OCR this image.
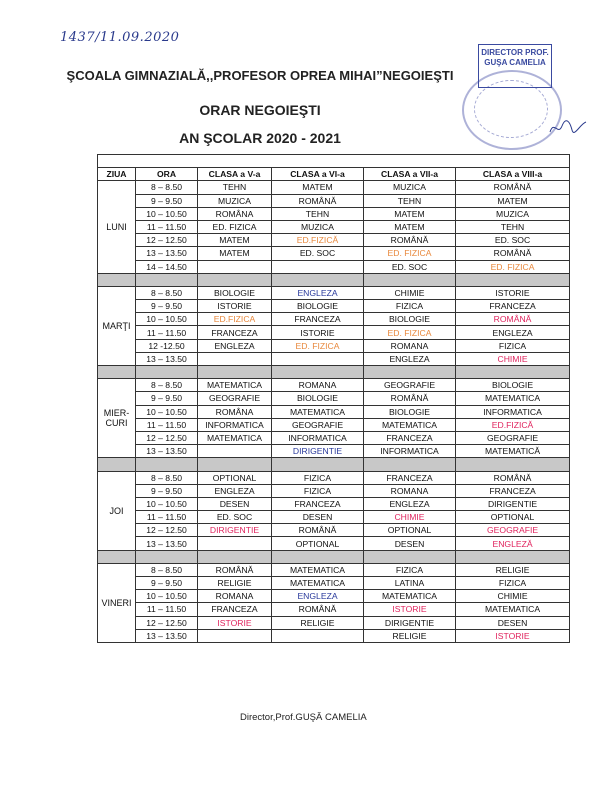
1437/11.09.2020
ŞCOALA GIMNAZIALĂ,,PROFESOR OPREA MIHAI”NEGOIEŞTI
ORAR NEGOIEŞTI
AN ŞCOLAR 2020 - 2021
DIRECTOR PROF.
GUŞA CAMELIA

ZIUA	ORA	CLASA a V-a	CLASA a VI-a	CLASA a VII-a	CLASA a VIII-a
LUNI	8 – 8.50	TEHN	MATEM	MUZICA	ROMÂNĂ
	9 – 9.50	MUZICA	ROMÂNĂ	TEHN	MATEM
	10 – 10.50	ROMÂNA	TEHN	MATEM	MUZICA
	11 – 11.50	ED. FIZICA	MUZICA	MATEM	TEHN
	12 – 12.50	MATEM	ED.FIZICĂ	ROMÂNĂ	ED. SOC
	13 – 13.50	MATEM	ED. SOC	ED. FIZICA	ROMÂNĂ
	14 – 14.50			ED. SOC	ED. FIZICA

MARŢI	8 – 8.50	BIOLOGIE	ENGLEZA	CHIMIE	ISTORIE
	9 – 9.50	ISTORIE	BIOLOGIE	FIZICA	FRANCEZA
	10 – 10.50	ED.FIZICA	FRANCEZA	BIOLOGIE	ROMÂNĂ
	11 – 11.50	FRANCEZA	ISTORIE	ED. FIZICA	ENGLEZA
	12 -12.50	ENGLEZA	ED. FIZICA	ROMANA	FIZICA
	13 – 13.50			ENGLEZA	CHIMIE

MIER-
CURI	8 – 8.50	MATEMATICA	ROMANA	GEOGRAFIE	BIOLOGIE
	9 – 9.50	GEOGRAFIE	BIOLOGIE	ROMÂNĂ	MATEMATICA
	10 – 10.50	ROMÂNA	MATEMATICA	BIOLOGIE	INFORMATICA
	11 – 11.50	INFORMATICA	GEOGRAFIE	MATEMATICA	ED.FIZICĂ
	12 – 12.50	MATEMATICA	INFORMATICA	FRANCEZA	GEOGRAFIE
	13 – 13.50		DIRIGENTIE	INFORMATICA	MATEMATICĂ

JOI	8 – 8.50	OPTIONAL	FIZICA	FRANCEZA	ROMÂNĂ
	9 – 9.50	ENGLEZA	FIZICA	ROMANA	FRANCEZA
	10 – 10.50	DESEN	FRANCEZA	ENGLEZA	DIRIGENTIE
	11 – 11.50	ED. SOC	DESEN	CHIMIE	OPTIONAL
	12 – 12.50	DIRIGENTIE	ROMÂNĂ	OPTIONAL	GEOGRAFIE
	13 – 13.50		OPTIONAL	DESEN	ENGLEZĂ

VINERI	8 – 8.50	ROMÂNĂ	MATEMATICA	FIZICA	RELIGIE
	9 – 9.50	RELIGIE	MATEMATICA	LATINA	FIZICA
	10 – 10.50	ROMANA	ENGLEZA	MATEMATICA	CHIMIE
	11 – 11.50	FRANCEZA	ROMÂNĂ	ISTORIE	MATEMATICA
	12 – 12.50	ISTORIE	RELIGIE	DIRIGENTIE	DESEN
	13 – 13.50			RELIGIE	ISTORIE
Director,Prof.GUŞĂ CAMELIA
